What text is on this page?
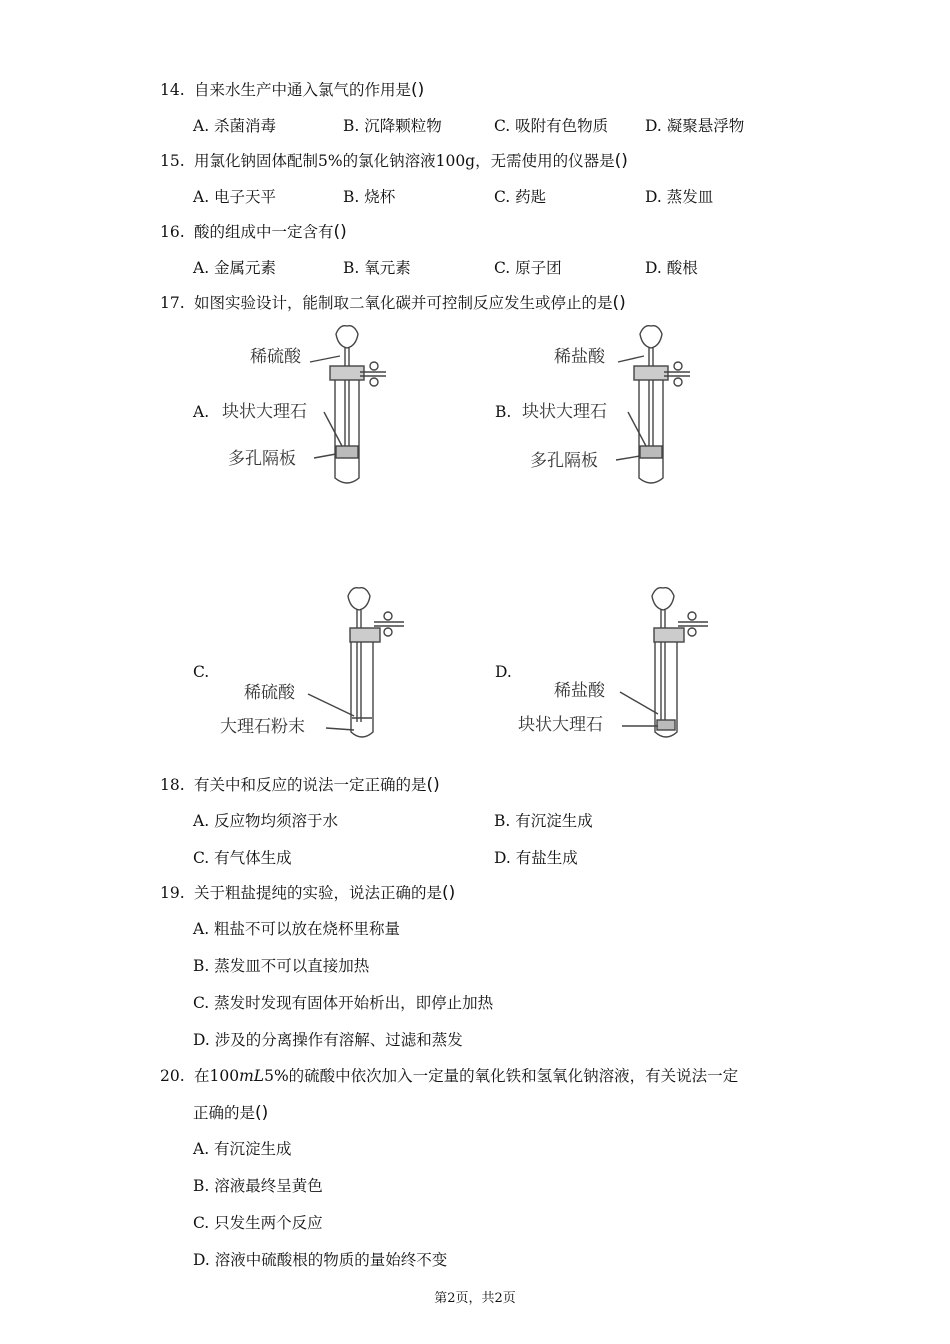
14. 自来水生产中通入氯气的作用是()
A. 杀菌消毒	B. 沉降颗粒物	C. 吸附有色物质 D. 凝聚悬浮物
15. 用氯化钠固体配制5%的氯化钠溶液100g，无需使用的仪器是()
A. 电子天平	B. 烧杯	C. 药匙	D. 蒸发皿
16. 酸的组成中一定含有()
A. 金属元素	B. 氧元素	C. 原子团	D. 酸根
17. 如图实验设计，能制取二氧化碳并可控制反应发生或停止的是()
A.
稀硫酸
块状大理石
多孔隔板
B.
稀盐酸
块状大理石
多孔隔板
C.
稀硫酸
大理石粉末
D.
稀盐酸
块状大理石
18. 有关中和反应的说法一定正确的是()
A. 反应物均须溶于水	B. 有沉淀生成
C. 有气体生成	D. 有盐生成
19. 关于粗盐提纯的实验，说法正确的是()
A. 粗盐不可以放在烧杯里称量
B. 蒸发皿不可以直接加热
C. 蒸发时发现有固体开始析出，即停止加热
D. 涉及的分离操作有溶解、过滤和蒸发
20. 在100mL5%的硫酸中依次加入一定量的氧化铁和氢氧化钠溶液，有关说法一定
正确的是()
A. 有沉淀生成
B. 溶液最终呈黄色
C. 只发生两个反应
D. 溶液中硫酸根的物质的量始终不变
第2页，共2页
